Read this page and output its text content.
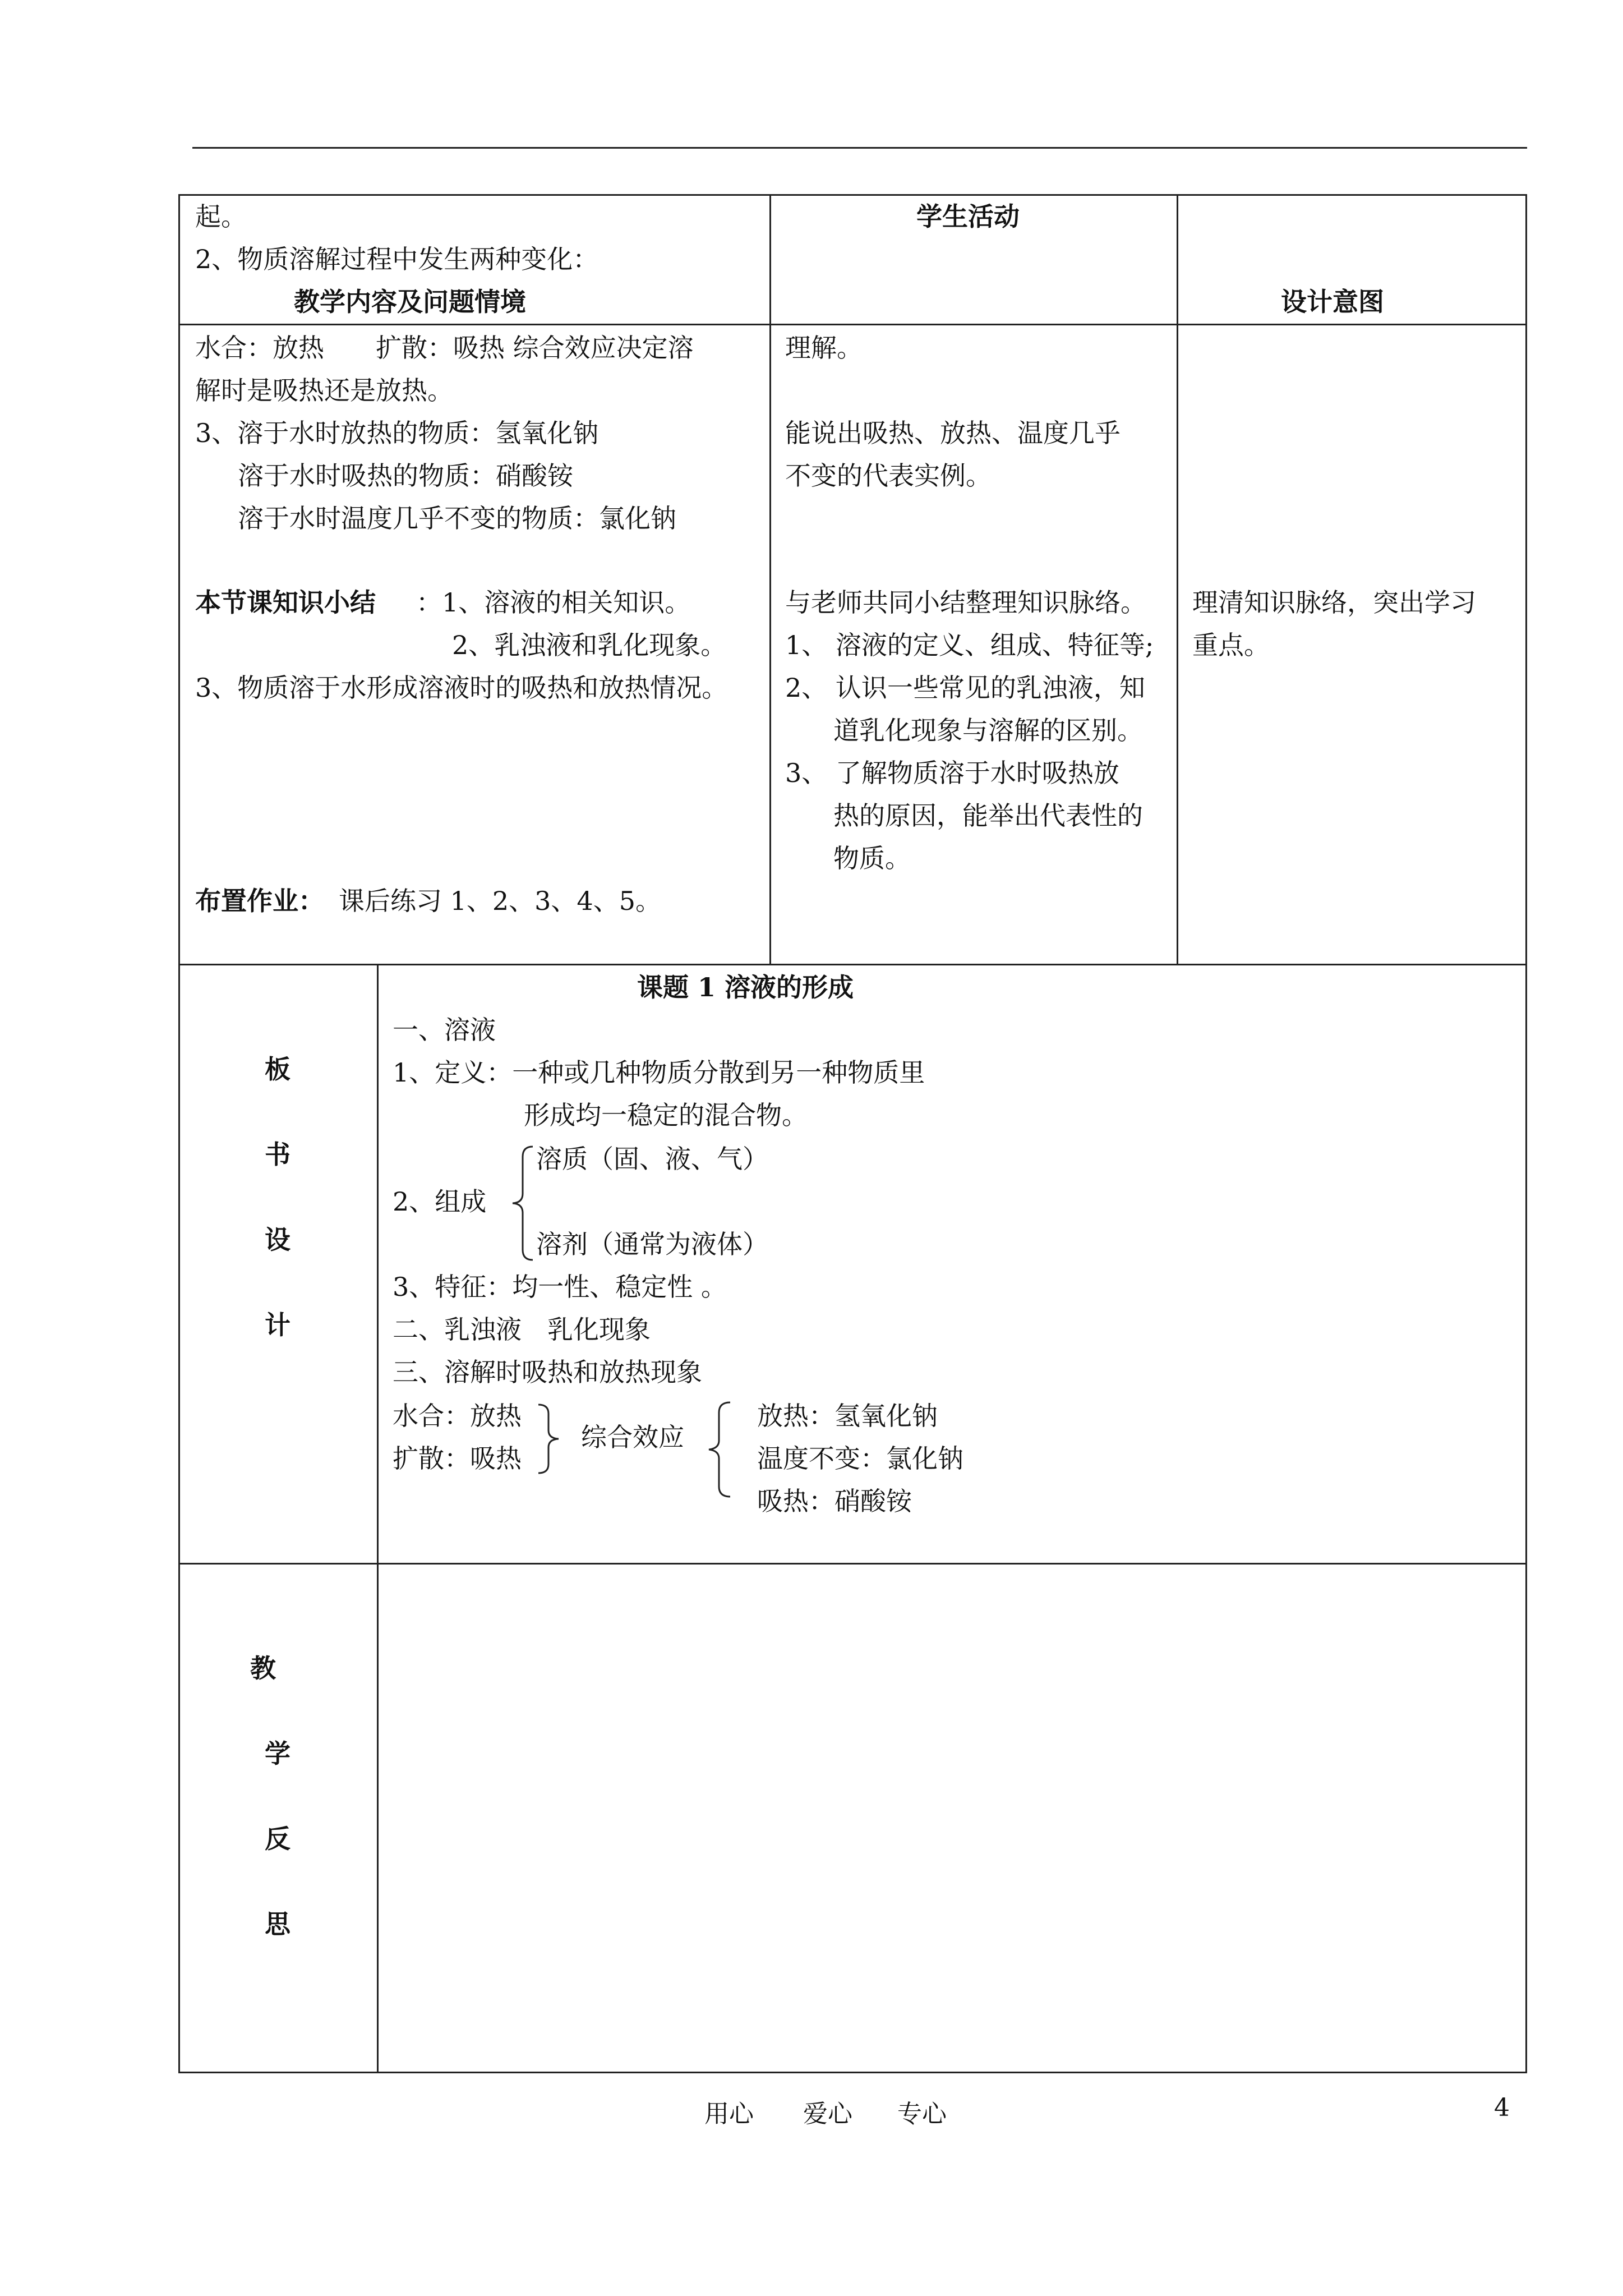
起。
2、物质溶解过程中发生两种变化：
教学内容及问题情境
学生活动
设计意图
水合：放热　　扩散：吸热 综合效应决定溶
解时是吸热还是放热。
3、溶于水时放热的物质：氢氧化钠
溶于水时吸热的物质：硝酸铵
溶于水时温度几乎不变的物质：氯化钠
本节课知识小结 ：1、溶液的相关知识。
2、乳浊液和乳化现象。
3、物质溶于水形成溶液时的吸热和放热情况。
布置作业： 课后练习 1、2、3、4、5。
理解。
能说出吸热、放热、温度几乎
不变的代表实例。
与老师共同小结整理知识脉络。
1、 溶液的定义、组成、特征等;
2、 认识一些常见的乳浊液，知
道乳化现象与溶解的区别。
3、 了解物质溶于水时吸热放
热的原因，能举出代表性的
物质。
理清知识脉络，突出学习
重点。
板
书
设
计
课题 1 溶液的形成
一、溶液
1、定义：一种或几种物质分散到另一种物质里
形成均一稳定的混合物。
2、组成
溶质（固、液、气）
溶剂（通常为液体）
3、特征：均一性、稳定性 。
二、乳浊液　乳化现象
三、溶解时吸热和放热现象
水合：放热
扩散：吸热
综合效应
放热：氢氧化钠
温度不变：氯化钠
吸热：硝酸铵
教
学
反
思
用心 爱心 专心	4
